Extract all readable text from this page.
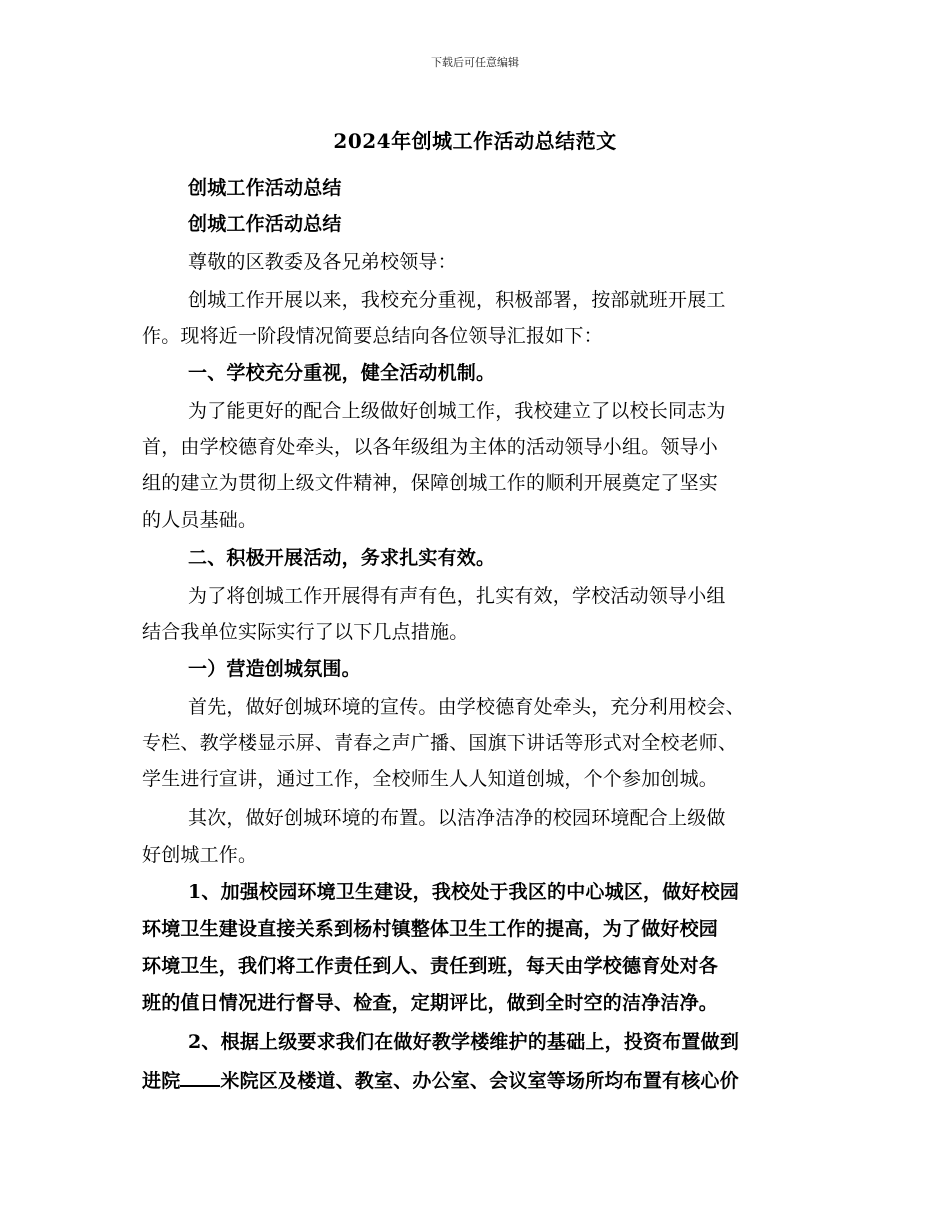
下载后可任意编辑
2024年创城工作活动总结范文
创城工作活动总结
创城工作活动总结
尊敬的区教委及各兄弟校领导：
创城工作开展以来，我校充分重视，积极部署，按部就班开展工
作。现将近一阶段情况简要总结向各位领导汇报如下：
一、学校充分重视，健全活动机制。
为了能更好的配合上级做好创城工作，我校建立了以校长同志为
首，由学校德育处牵头，以各年级组为主体的活动领导小组。领导小
组的建立为贯彻上级文件精神，保障创城工作的顺利开展奠定了坚实
的人员基础。
二、积极开展活动，务求扎实有效。
为了将创城工作开展得有声有色，扎实有效，学校活动领导小组
结合我单位实际实行了以下几点措施。
一）营造创城氛围。
首先，做好创城环境的宣传。由学校德育处牵头，充分利用校会、
专栏、教学楼显示屏、青春之声广播、国旗下讲话等形式对全校老师、
学生进行宣讲，通过工作，全校师生人人知道创城，个个参加创城。
其次，做好创城环境的布置。以洁净洁净的校园环境配合上级做
好创城工作。
1、加强校园环境卫生建设，我校处于我区的中心城区，做好校园
环境卫生建设直接关系到杨村镇整体卫生工作的提高，为了做好校园
环境卫生，我们将工作责任到人、责任到班，每天由学校德育处对各
班的值日情况进行督导、检查，定期评比，做到全时空的洁净洁净。
2、根据上级要求我们在做好教学楼维护的基础上，投资布置做到
进院 米院区及楼道、教室、办公室、会议室等场所均布置有核心价
